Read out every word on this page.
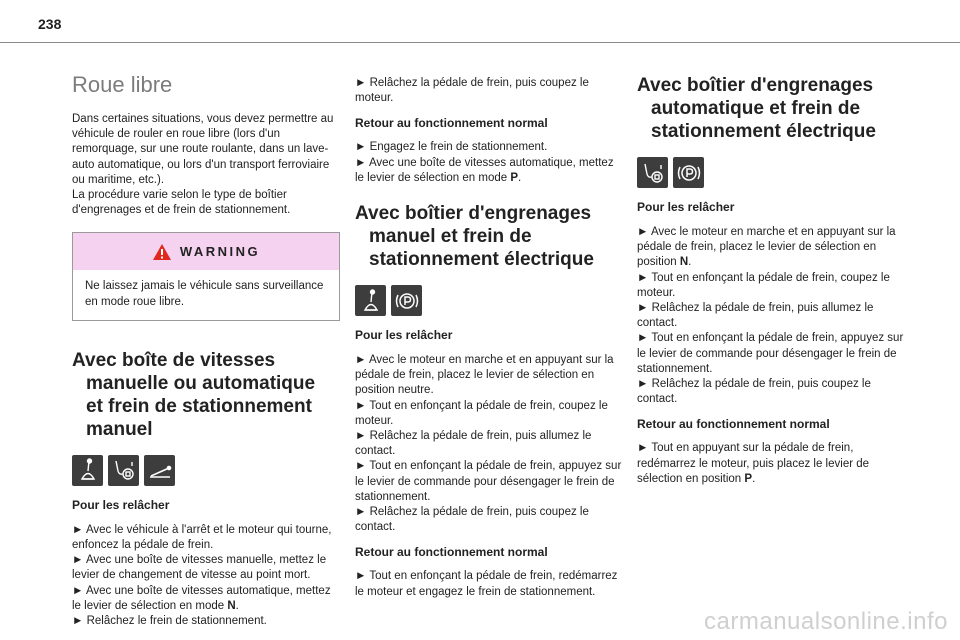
238
Roue libre

Dans certaines situations, vous devez permettre au véhicule de rouler en roue libre (lors d'un remorquage, sur une route roulante, dans un lave-auto automatique, ou lors d'un transport ferroviaire ou maritime, etc.).
La procédure varie selon le type de boîtier d'engrenages et de frein de stationnement.

WARNING
Ne laissez jamais le véhicule sans surveillance en mode roue libre.
Avec boîte de vitesses
manuelle ou automatique
et frein de stationnement
manuel
Pour les relâcher

► Avec le véhicule à l'arrêt et le moteur qui tourne, enfoncez la pédale de frein.
► Avec une boîte de vitesses manuelle, mettez le levier de changement de vitesse au point mort.
► Avec une boîte de vitesses automatique, mettez le levier de sélection en mode N.
► Relâchez le frein de stationnement.

► Relâchez la pédale de frein, puis coupez le moteur.

Retour au fonctionnement normal

► Engagez le frein de stationnement.
► Avec une boîte de vitesses automatique, mettez le levier de sélection en mode P.

Avec boîtier d'engrenages
manuel et frein de
stationnement électrique
Pour les relâcher

► Avec le moteur en marche et en appuyant sur la pédale de frein, placez le levier de sélection en position neutre.
► Tout en enfonçant la pédale de frein, coupez le moteur.
► Relâchez la pédale de frein, puis allumez le contact.
► Tout en enfonçant la pédale de frein, appuyez sur le levier de commande pour désengager le frein de stationnement.
► Relâchez la pédale de frein, puis coupez le contact.

Retour au fonctionnement normal

► Tout en enfonçant la pédale de frein, redémarrez le moteur et engagez le frein de stationnement.

Avec boîtier d'engrenages
automatique et frein de
stationnement électrique
Pour les relâcher

► Avec le moteur en marche et en appuyant sur la pédale de frein, placez le levier de sélection en position N.
► Tout en enfonçant la pédale de frein, coupez le moteur.
► Relâchez la pédale de frein, puis allumez le contact.
► Tout en enfonçant la pédale de frein, appuyez sur le levier de commande pour désengager le frein de stationnement.
► Relâchez la pédale de frein, puis coupez le contact.

Retour au fonctionnement normal

► Tout en appuyant sur la pédale de frein, redémarrez le moteur, puis placez le levier de sélection en position P.

carmanualsonline.info
